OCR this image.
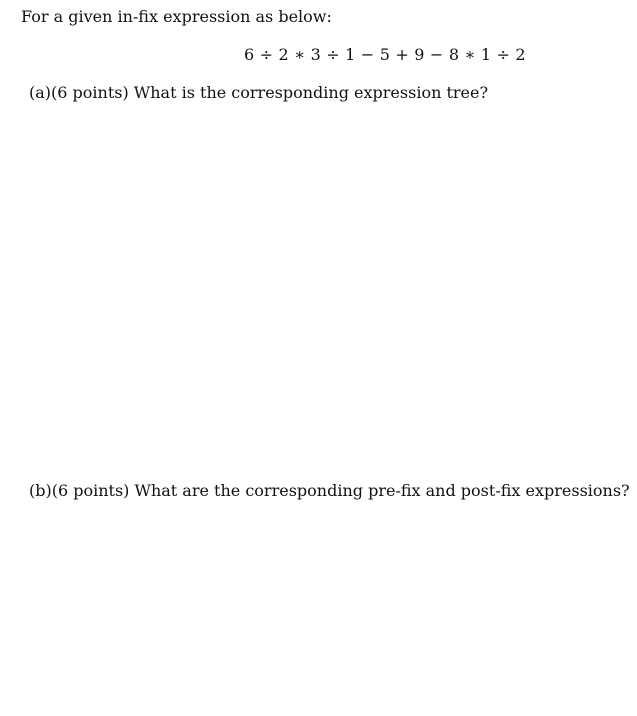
For a given in-fix expression as below:
6 ÷ 2 ∗ 3 ÷ 1 − 5 + 9 − 8 ∗ 1 ÷ 2
(a)(6 points) What is the corresponding expression tree?
(b)(6 points) What are the corresponding pre-fix and post-fix expressions?
